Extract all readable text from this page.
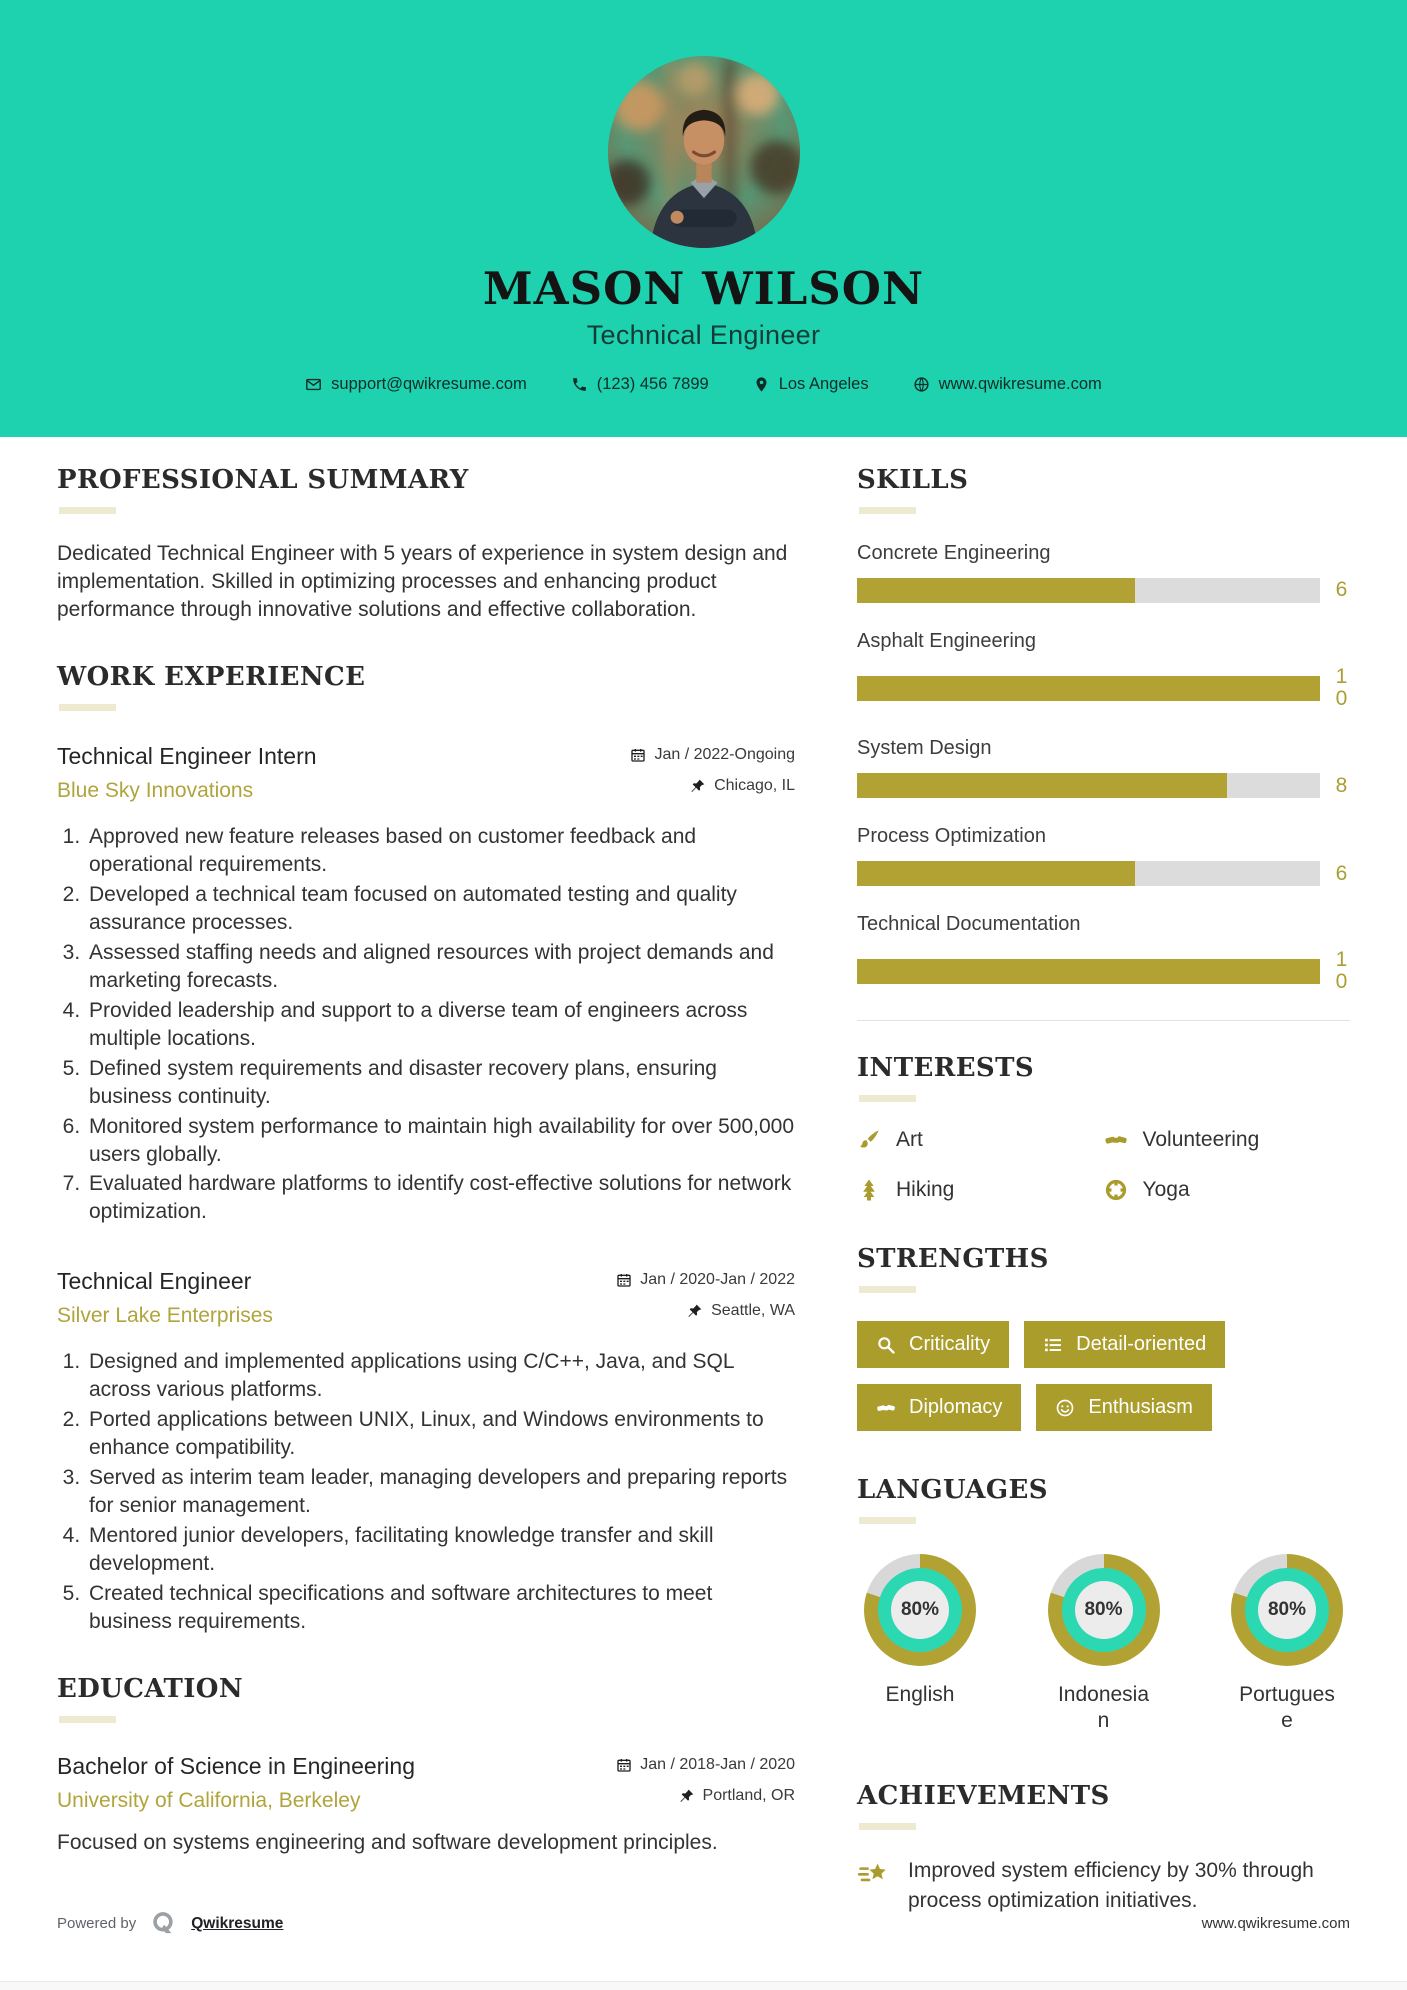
MASON WILSON
Technical Engineer
support@qwikresume.com	(123) 456 7899	Los Angeles	www.qwikresume.com
PROFESSIONAL SUMMARY

Dedicated Technical Engineer with 5 years of experience in system design and implementation. Skilled in optimizing processes and enhancing product performance through innovative solutions and effective collaboration.

WORK EXPERIENCE
Technical Engineer Intern
Blue Sky Innovations
Jan / 2022-Ongoing
Chicago, IL
1. Approved new feature releases based on customer feedback and operational requirements.
2. Developed a technical team focused on automated testing and quality assurance processes.
3. Assessed staffing needs and aligned resources with project demands and marketing forecasts.
4. Provided leadership and support to a diverse team of engineers across multiple locations.
5. Defined system requirements and disaster recovery plans, ensuring business continuity.
6. Monitored system performance to maintain high availability for over 500,000 users globally.
7. Evaluated hardware platforms to identify cost-effective solutions for network optimization.
Technical Engineer
Silver Lake Enterprises
Jan / 2020-Jan / 2022
Seattle, WA
1. Designed and implemented applications using C/C++, Java, and SQL across various platforms.
2. Ported applications between UNIX, Linux, and Windows environments to enhance compatibility.
3. Served as interim team leader, managing developers and preparing reports for senior management.
4. Mentored junior developers, facilitating knowledge transfer and skill development.
5. Created technical specifications and software architectures to meet business requirements.
EDUCATION
Bachelor of Science in Engineering
University of California, Berkeley
Jan / 2018-Jan / 2020
Portland, OR

Focused on systems engineering and software development principles.

SKILLS
Concrete Engineering
6
Asphalt Engineering
10
System Design
8
Process Optimization
6
Technical Documentation
10
INTERESTS
Art	Volunteering
Hiking	Yoga
STRENGTHS
Criticality	Detail-oriented
Diplomacy	Enthusiasm
LANGUAGES
80%
English
80%
Indonesian
80%
Portuguese
ACHIEVEMENTS
Improved system efficiency by 30% through process optimization initiatives.
Powered by	Qwikresume	www.qwikresume.com
